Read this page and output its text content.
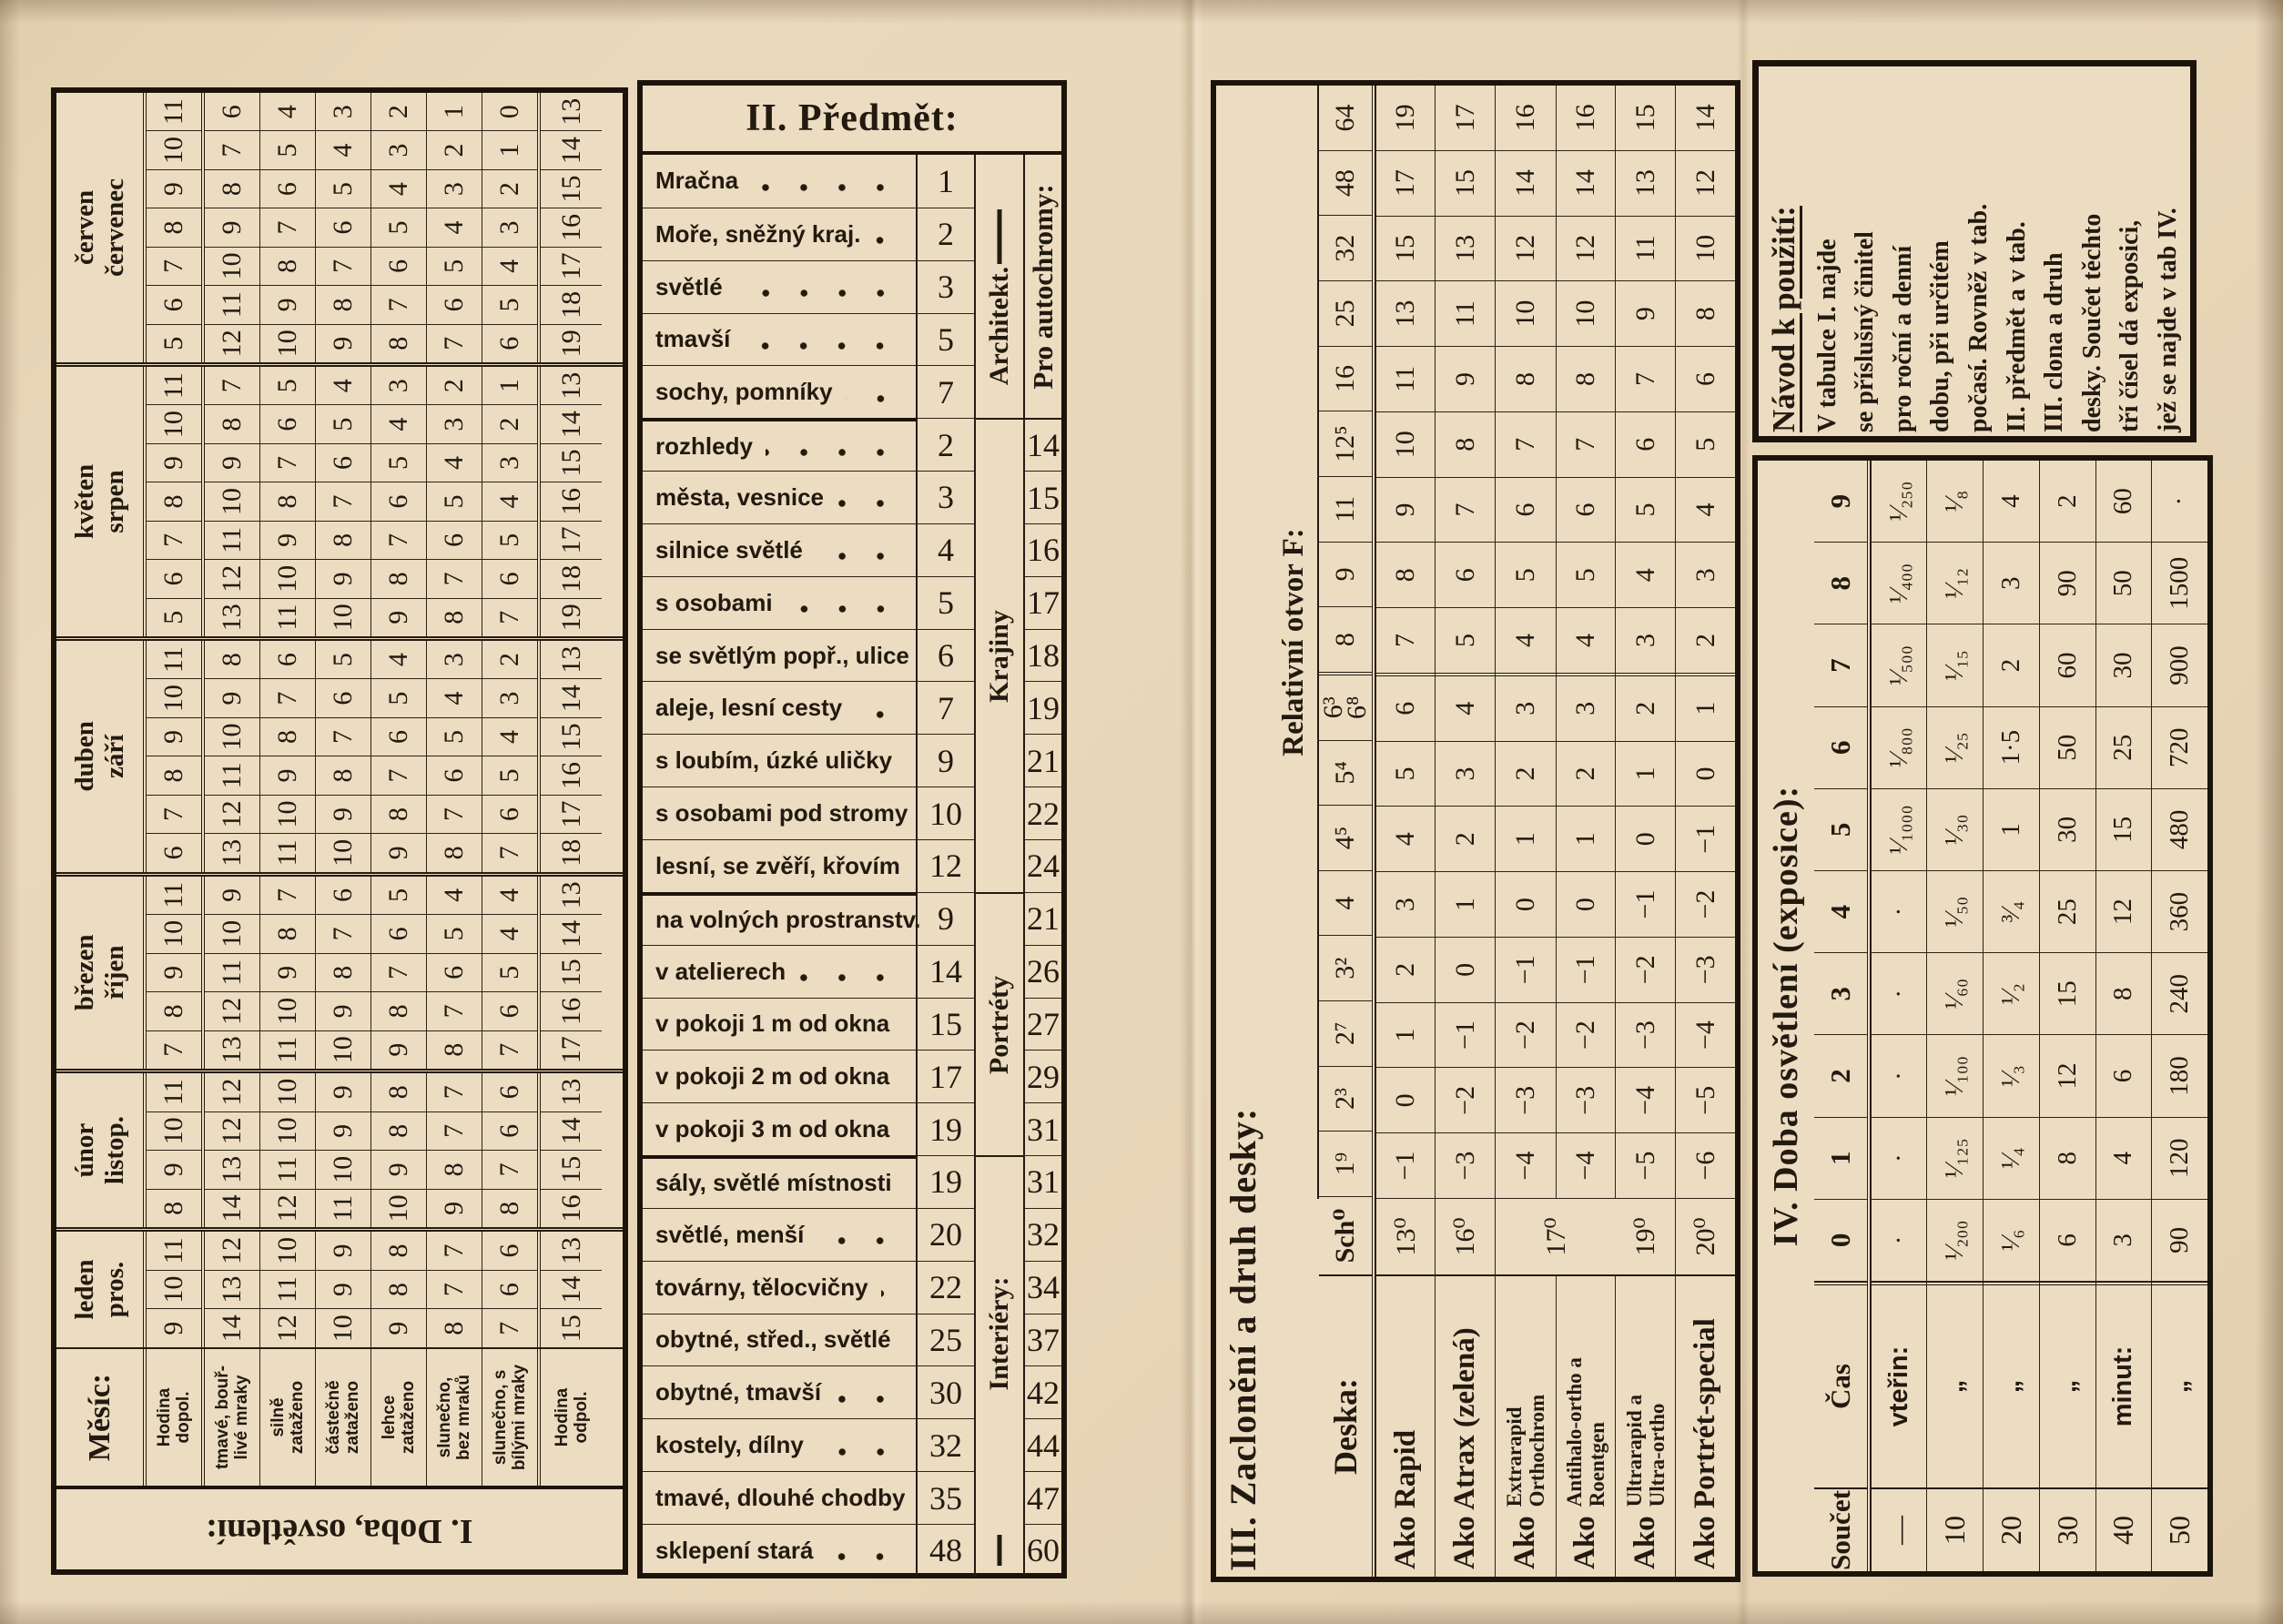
Měsíc:	Hodina dopol. tmavé, bouř- livé mraky silně zataženo částečně zataženo lehce zataženo slunečno, bez mraků slunečno, s bílými mraky Hodina odpol.
leden pros.
9
10
11
14
13
12
12
11
10
10
9
9
9
8
8
8
7
7
7
6
6
15
14
13
únor listop.
8
9
10
11
14
13
12
12
12
11
10
10
11
10
9
9
10
9
8
8
9
8
7
7
8
7
6
6
16
15
14
13
březen říjen
7
8
9
10
11
13
12
11
10
9
11
10
9
8
7
10
9
8
7
6
9
8
7
6
5
8
7
6
5
4
7
6
5
4
4
17
16
15
14
13
duben září
6
7
8
9
10
11
13
12
11
10
9
8
11
10
9
8
7
6
10
9
8
7
6
5
9
8
7
6
5
4
8
7
6
5
4
3
7
6
5
4
3
2
18
17
16
15
14
13
květen srpen
5
6
7
8
9
10
11
13
12
11
10
9
8
7
11
10
9
8
7
6
5
10
9
8
7
6
5
4
9
8
7
6
5
4
3
8
7
6
5
4
3
2
7
6
5
4
3
2
1
19
18
17
16
15
14
13
červen červenec
5
6
7
8
9
10
11
12
11
10
9
8
7
6
10
9
8
7
6
5
4
9
8
7
6
5
4
3
8
7
6
5
4
3
2
7
6
5
4
3
2
1
6
5
4
3
2
1
0
19
18
17
16
15
14
13
I. Doba, osvětlení:
II. Předmět:
Mračna
Moře, sněžný kraj.
světlé
tmavší
sochy, pomníky
rozhledy
města, vesnice
silnice světlé
s osobami
se světlým popř., ulice
aleje, lesní cesty
s loubím, úzké uličky
s osobami pod stromy
lesní, se zvěří, křovím
na volných prostranstv.
v atelierech
v pokoji 1 m od okna
v pokoji 2 m od okna
v pokoji 3 m od okna
sály, světlé místnosti
světlé, menší
továrny, tělocvičny
obytné, střed., světlé
obytné, tmavší
kostely, dílny
tmavé, dlouhé chodby
sklepení stará
1
2
3
5
7
2
3
4
5
6
7
9
10
12
9
14
15
17
19
19
20
22
25
30
32
35
48
Architekt.
Krajiny
Portréty
Interiéry:
Pro autochromy:
14
15
16
17
18
19
21
22
24
21
26
27
29
31
31
32
34
37
42
44
47
60	III. Zaclonění a druh desky:
Relativní otvor F:
Deska:
Sch⁰
1⁹
2³
2⁷
3²
4
4⁵
5⁴
6³
6⁸
8
9
11
12⁵
16
25
32
48
64
Ako Rapid
13⁰
−1
0
1
2
3
4
5
6
7
8
9
10
11
13
15
17
19
Ako Atrax (zelená)
16⁰
−3
−2
−1
0
1
2
3
4
5
6
7
8
9
11
13
15
17
Ako
Extrarapid Orthochrom
17⁰
−4
−3
−2
−1
0
1
2
3
4
5
6
7
8
10
12
14
16
Ako
Antihalo-ortho a Roentgen
−4
−3
−2
−1
0
1
2
3
4
5
6
7
8
10
12
14
16
Ako
Ultrarapid a Ultra-ortho
19⁰
−5
−4
−3
−2
−1
0
1
2
3
4
5
6
7
9
11
13
15
Ako Portrét-special
20⁰
−6
−5
−4
−3
−2
−1
0
1
2
3
4
5
6
8
10
12
14
Návod k použití: V tabulce I. najde se příslušný činitel pro roční a denní dobu, při určitém počasí. Rovněž v tab. II. předmět a v tab. III. clona a druh desky. Součet těchto tří čísel dá exposici, jež se najde v tab IV.
IV. Doba osvětlení (exposice):
Součet
Čas
0
1
2
3
4
5
6
7
8
9
—
vteřin:
·
·
·
·
·
¹⁄₁₀₀₀
¹⁄₈₀₀
¹⁄₅₀₀
¹⁄₄₀₀
¹⁄₂₅₀
10
„
¹⁄₂₀₀
¹⁄₁₂₅
¹⁄₁₀₀
¹⁄₆₀
¹⁄₅₀
¹⁄₃₀
¹⁄₂₅
¹⁄₁₅
¹⁄₁₂
¹⁄₈
20
„
¹⁄₆
¹⁄₄
¹⁄₃
¹⁄₂
³⁄₄
1
1·5
2
3
4
30
„
6
8
12
15
25
30
50
60
90
2
40
minut:
3
4
6
8
12
15
25
30
50
60
50
„
90
120
180
240
360
480
720
900
1500
·
